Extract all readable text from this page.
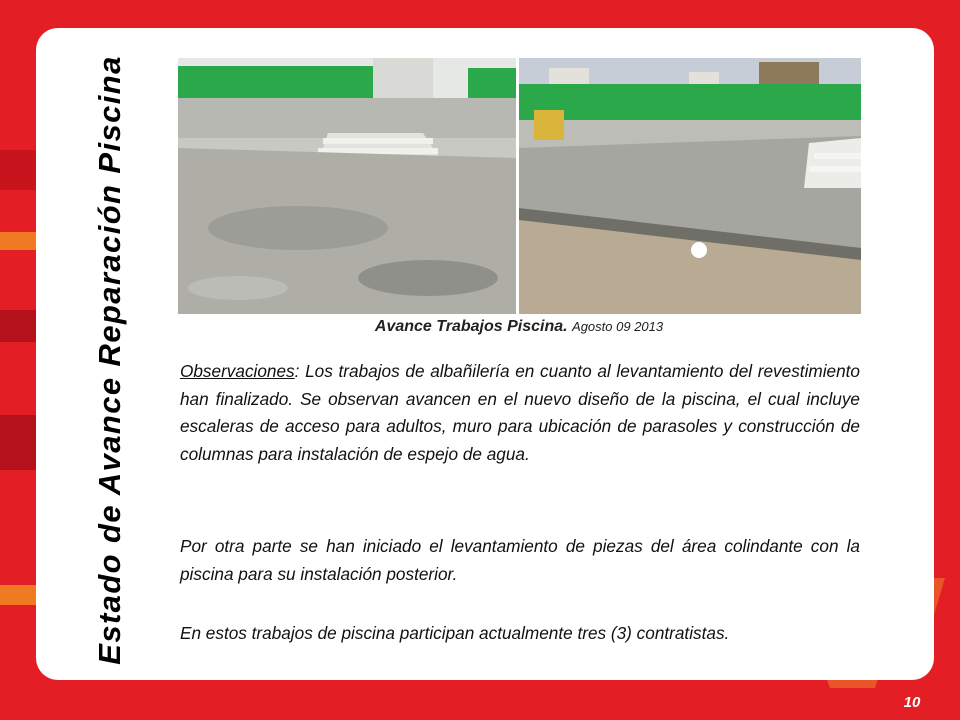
Estado de Avance Reparación Piscina	Avance Trabajos Piscina. Agosto 09 2013

Observaciones: Los trabajos de albañilería en cuanto al levantamiento del revestimiento han finalizado. Se observan avancen en el nuevo diseño de la piscina, el cual incluye escaleras de acceso para adultos, muro para ubicación de parasoles y construcción de columnas para instalación de espejo de agua.

Por otra parte se han iniciado el levantamiento de piezas del área colindante con la piscina para su instalación posterior.

En estos trabajos de piscina participan actualmente tres (3) contratistas.

10
